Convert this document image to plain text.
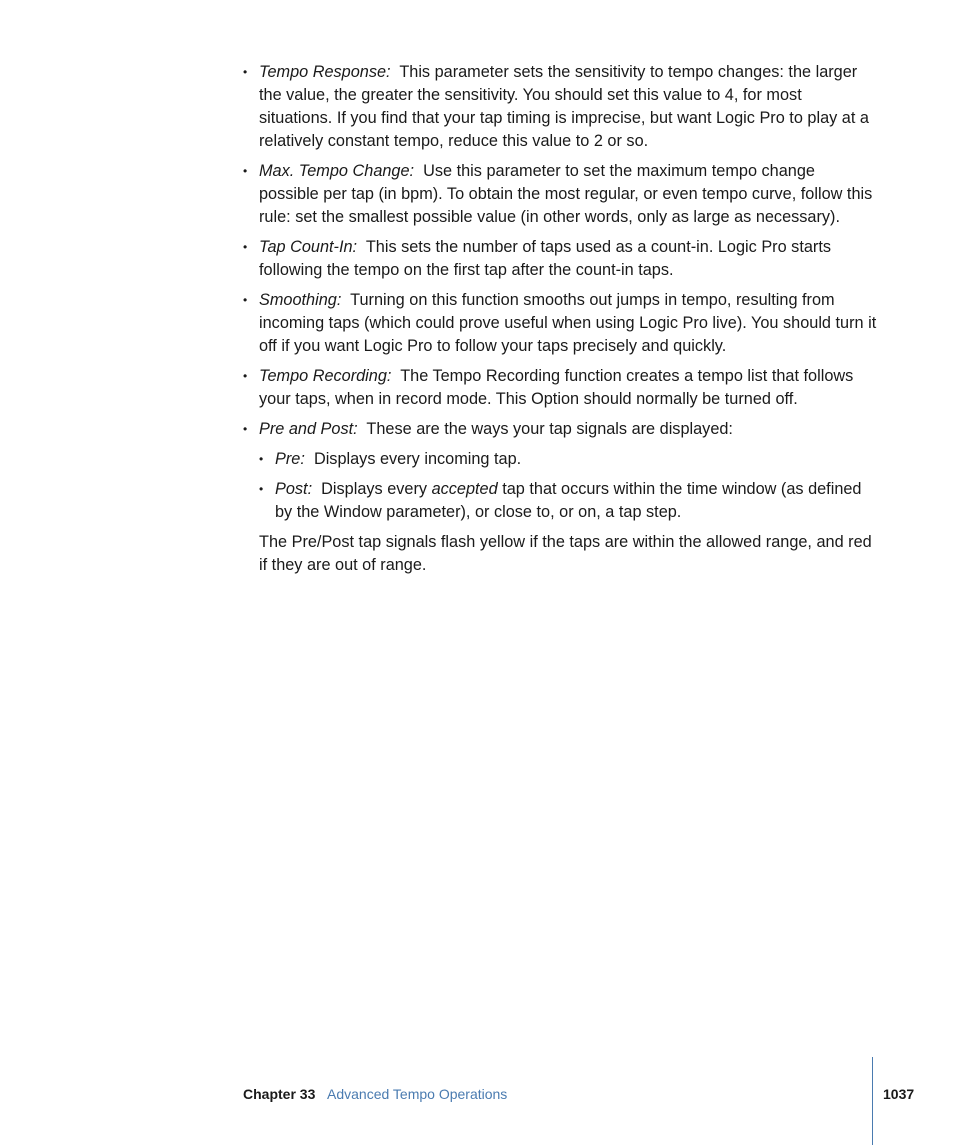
• Tempo Response: This parameter sets the sensitivity to tempo changes: the larger the value, the greater the sensitivity. You should set this value to 4, for most situations. If you find that your tap timing is imprecise, but want Logic Pro to play at a relatively constant tempo, reduce this value to 2 or so.
• Max. Tempo Change: Use this parameter to set the maximum tempo change possible per tap (in bpm). To obtain the most regular, or even tempo curve, follow this rule: set the smallest possible value (in other words, only as large as necessary).
• Tap Count-In: This sets the number of taps used as a count-in. Logic Pro starts following the tempo on the first tap after the count-in taps.
• Smoothing: Turning on this function smooths out jumps in tempo, resulting from incoming taps (which could prove useful when using Logic Pro live). You should turn it off if you want Logic Pro to follow your taps precisely and quickly.
• Tempo Recording: The Tempo Recording function creates a tempo list that follows your taps, when in record mode. This Option should normally be turned off.
• Pre and Post: These are the ways your tap signals are displayed:
• Pre: Displays every incoming tap.
• Post: Displays every accepted tap that occurs within the time window (as defined by the Window parameter), or close to, or on, a tap step.

The Pre/Post tap signals flash yellow if the taps are within the allowed range, and red if they are out of range.

Chapter 33 Advanced Tempo Operations	1037
